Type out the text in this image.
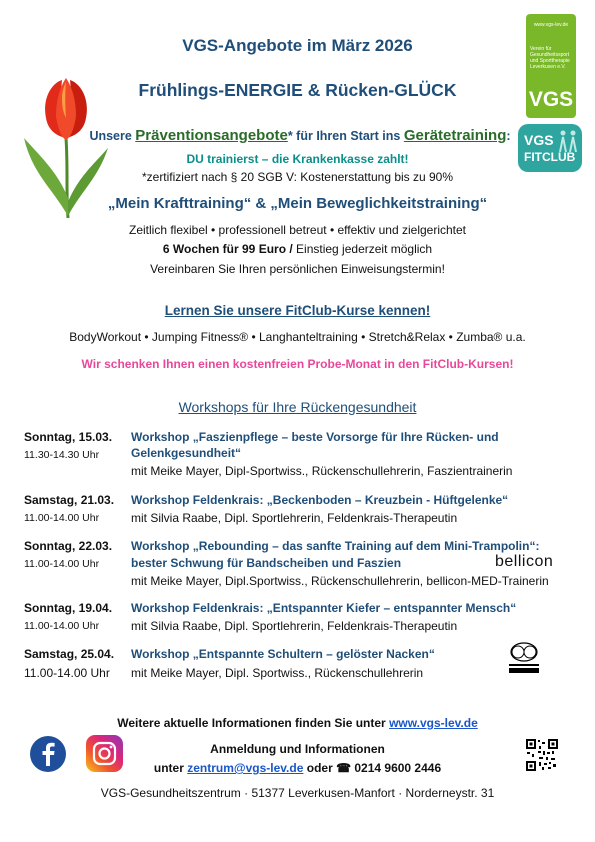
www.vgs-lev.de
Verein für Gesundheitssport und Sporttherapie Leverkusen e.V.
VGS
VGS
FITCLUB
VGS-Angebote im März 2026
Frühlings-ENERGIE & Rücken-GLÜCK
Unsere Präventionsangebote* für Ihren Start ins Gerätetraining:
DU trainierst – die Krankenkasse zahlt!
*zertifiziert nach § 20 SGB V: Kostenerstattung bis zu 90%
„Mein Krafttraining“ & „Mein Beweglichkeitstraining“
Zeitlich flexibel • professionell betreut • effektiv und zielgerichtet
6 Wochen für 99 Euro / Einstieg jederzeit möglich
Vereinbaren Sie Ihren persönlichen Einweisungstermin!
Lernen Sie unsere FitClub-Kurse kennen!
BodyWorkout • Jumping Fitness® • Langhanteltraining • Stretch&Relax • Zumba® u.a.
Wir schenken Ihnen einen kostenfreien Probe-Monat in den FitClub-Kursen!
Workshops für Ihre Rückengesundheit
Sonntag, 15.03.
11.30-14.30 Uhr
Workshop „Faszienpflege – beste Vorsorge für Ihre Rücken- und
Gelenkgesundheit“
mit Meike Mayer, Dipl-Sportwiss., Rückenschullehrerin, Faszientrainerin
Samstag, 21.03.
11.00-14.00 Uhr
Workshop Feldenkrais: „Beckenboden – Kreuzbein - Hüftgelenke“
mit Silvia Raabe, Dipl. Sportlehrerin, Feldenkrais-Therapeutin
Sonntag, 22.03.
11.00-14.00 Uhr
Workshop „Rebounding – das sanfte Training auf dem Mini-Trampolin“:
bester Schwung für Bandscheiben und Faszien
mit Meike Mayer, Dipl.Sportwiss., Rückenschullehrerin, bellicon-MED-Trainerin
bellicon
Sonntag, 19.04.
11.00-14.00 Uhr
Workshop Feldenkrais: „Entspannter Kiefer – entspannter Mensch“
mit Silvia Raabe, Dipl. Sportlehrerin, Feldenkrais-Therapeutin
Samstag, 25.04.
11.00-14.00 Uhr
Workshop „Entspannte Schultern – gelöster Nacken“
mit Meike Mayer, Dipl. Sportwiss., Rückenschullehrerin
Weitere aktuelle Informationen finden Sie unter www.vgs-lev.de
Anmeldung und Informationen
unter zentrum@vgs-lev.de oder ☎ 0214 9600 2446
VGS-Gesundheitszentrum · 51377 Leverkusen-Manfort · Norderneystr. 31
